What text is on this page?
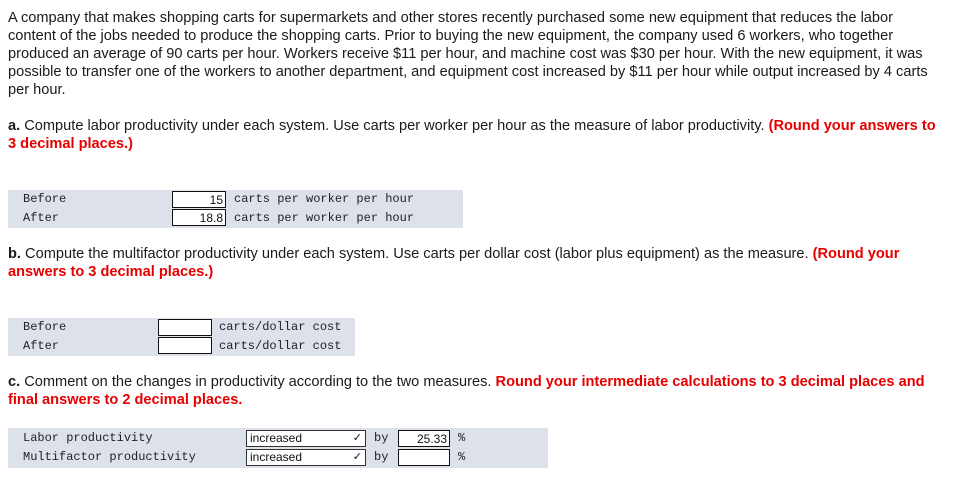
A company that makes shopping carts for supermarkets and other stores recently purchased some new equipment that reduces the labor content of the jobs needed to produce the shopping carts. Prior to buying the new equipment, the company used 6 workers, who together produced an average of 90 carts per hour. Workers receive $11 per hour, and machine cost was $30 per hour. With the new equipment, it was possible to transfer one of the workers to another department, and equipment cost increased by $11 per hour while output increased by 4 carts per hour.
a. Compute labor productivity under each system. Use carts per worker per hour as the measure of labor productivity. (Round your answers to 3 decimal places.)
Before	15 carts per worker per hour
After	18.8 carts per worker per hour
b. Compute the multifactor productivity under each system. Use carts per dollar cost (labor plus equipment) as the measure. (Round your answers to 3 decimal places.)
Before	carts/dollar cost
After	carts/dollar cost
c. Comment on the changes in productivity according to the two measures. Round your intermediate calculations to 3 decimal places and final answers to 2 decimal places.
Labor productivity	increased	✓ by	25.33 %
Multifactor productivity	increased	✓ by	%
